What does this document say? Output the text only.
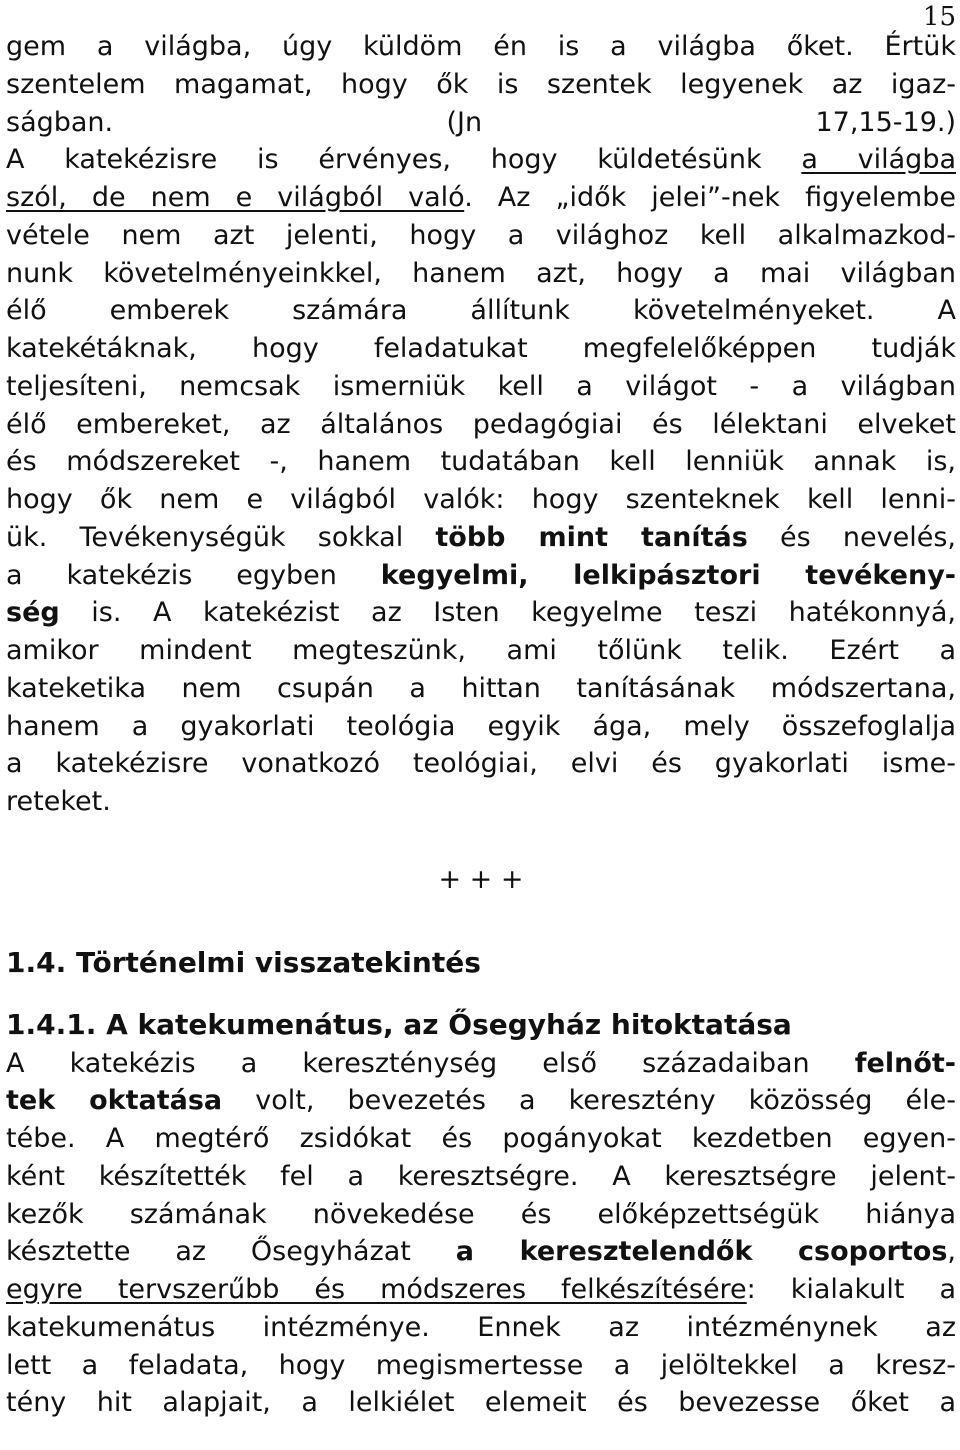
15
gem a világba, úgy küldöm én is a világba őket. Értük
szentelem magamat, hogy ők is szentek legyenek az igaz-
ságban. (Jn 17,15-19.)
A katekézisre is érvényes, hogy küldetésünk a világba
szól, de nem e világból való. Az „idők jelei”-nek figyelembe
vétele nem azt jelenti, hogy a világhoz kell alkalmazkod-
nunk követelményeinkkel, hanem azt, hogy a mai világban
élő emberek számára állítunk követelményeket. A
katekétáknak, hogy feladatukat megfelelőképpen tudják
teljesíteni, nemcsak ismerniük kell a világot - a világban
élő embereket, az általános pedagógiai és lélektani elveket
és módszereket -, hanem tudatában kell lenniük annak is,
hogy ők nem e világból valók: hogy szenteknek kell lenni-
ük. Tevékenységük sokkal több mint tanítás és nevelés,
a katekézis egyben kegyelmi, lelkipásztori tevékeny-
ség is. A katekézist az Isten kegyelme teszi hatékonnyá,
amikor mindent megteszünk, ami tőlünk telik. Ezért a
kateketika nem csupán a hittan tanításának módszertana,
hanem a gyakorlati teológia egyik ága, mely összefoglalja
a katekézisre vonatkozó teológiai, elvi és gyakorlati isme-
reteket.
+ + +
1.4. Történelmi visszatekintés
1.4.1. A katekumenátus, az Ősegyház hitoktatása
A katekézis a kereszténység első századaiban felnőt-
tek oktatása volt, bevezetés a keresztény közösség éle-
tébe. A megtérő zsidókat és pogányokat kezdetben egyen-
ként készítették fel a keresztségre. A keresztségre jelent-
kezők számának növekedése és előképzettségük hiánya
késztette az Ősegyházat a keresztelendők csoportos,
egyre tervszerűbb és módszeres felkészítésére: kialakult a
katekumenátus intézménye. Ennek az intézménynek az
lett a feladata, hogy megismertesse a jelöltekkel a kresz-
tény hit alapjait, a lelkiélet elemeit és bevezesse őket a
